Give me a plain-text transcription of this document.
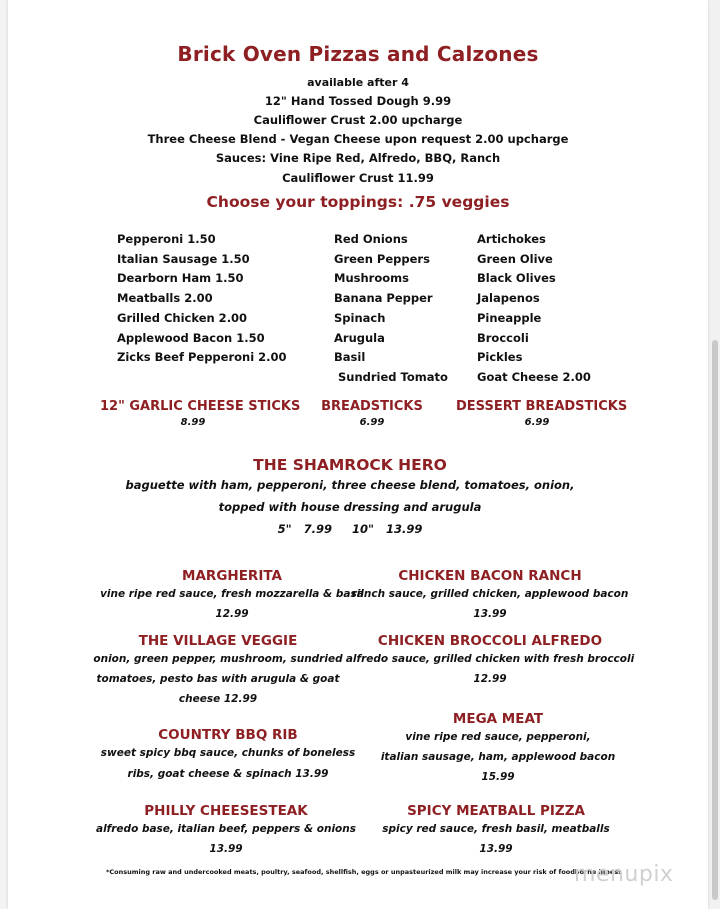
Brick Oven Pizzas and Calzones
available after 4
12" Hand Tossed Dough 9.99
Cauliflower Crust 2.00 upcharge
Three Cheese Blend - Vegan Cheese upon request 2.00 upcharge
Sauces: Vine Ripe Red, Alfredo, BBQ, Ranch
Cauliflower Crust 11.99
Choose your toppings: .75 veggies
Pepperoni 1.50
Italian Sausage 1.50
Dearborn Ham 1.50
Meatballs 2.00
Grilled Chicken 2.00
Applewood Bacon 1.50
Zicks Beef Pepperoni 2.00
Red Onions
Green Peppers
Mushrooms
Banana Pepper
Spinach
Arugula
Basil
Sundried Tomato
Artichokes
Green Olive
Black Olives
Jalapenos
Pineapple
Broccoli
Pickles
Goat Cheese 2.00
12" GARLIC CHEESE STICKS
8.99
BREADSTICKS
6.99
DESSERT BREADSTICKS
6.99
THE SHAMROCK HERO
baguette with ham, pepperoni, three cheese blend, tomatoes, onion,
topped with house dressing and arugula
5"   7.99     10"   13.99
MARGHERITA
vine ripe red sauce, fresh mozzarella & basil
12.99
CHICKEN BACON RANCH
ranch sauce, grilled chicken, applewood bacon
13.99
THE VILLAGE VEGGIE
onion, green pepper, mushroom, sundried
tomatoes, pesto bas with arugula & goat
cheese 12.99
CHICKEN BROCCOLI ALFREDO
alfredo sauce, grilled chicken with fresh broccoli
12.99
COUNTRY BBQ RIB
sweet spicy bbq sauce, chunks of boneless
ribs, goat cheese & spinach 13.99
MEGA MEAT
vine ripe red sauce, pepperoni,
italian sausage, ham, applewood bacon
15.99
PHILLY CHEESESTEAK
alfredo base, italian beef, peppers & onions
13.99
SPICY MEATBALL PIZZA
spicy red sauce, fresh basil, meatballs
13.99
*Consuming raw and undercooked meats, poultry, seafood, shellfish, eggs or unpasteurized milk may increase your risk of foodborne illness
menupix
